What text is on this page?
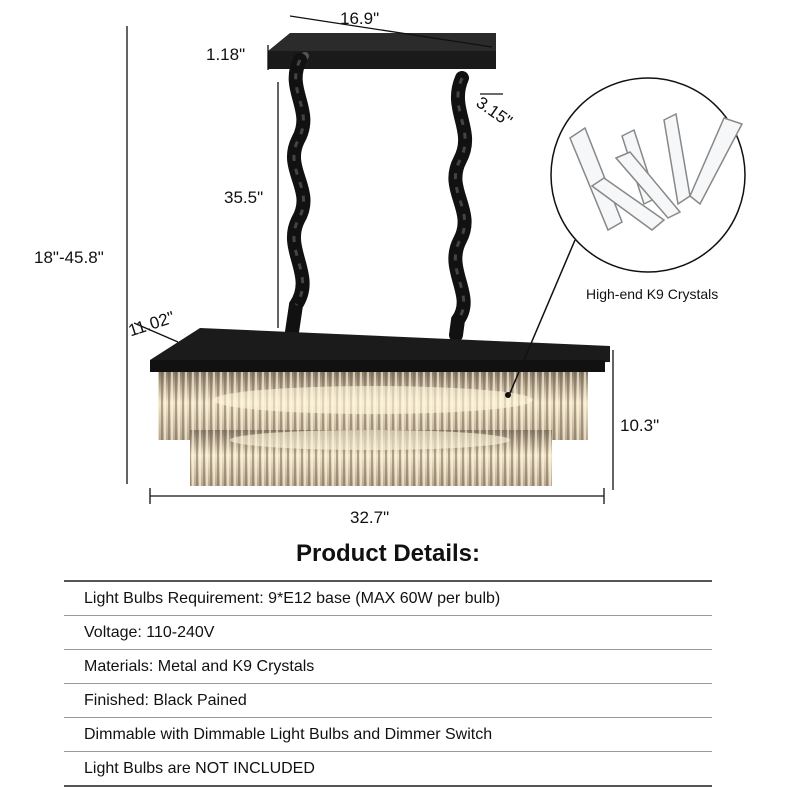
16.9"
1.18"
3.15"
35.5"
18"-45.8"
11.02"
10.3"
32.7"
High-end K9 Crystals
Product Details:
Light Bulbs Requirement: 9*E12 base (MAX 60W per bulb)
Voltage: 110-240V
Materials: Metal and K9 Crystals
Finished: Black Pained
Dimmable with Dimmable Light Bulbs and Dimmer Switch
Light Bulbs are NOT INCLUDED
